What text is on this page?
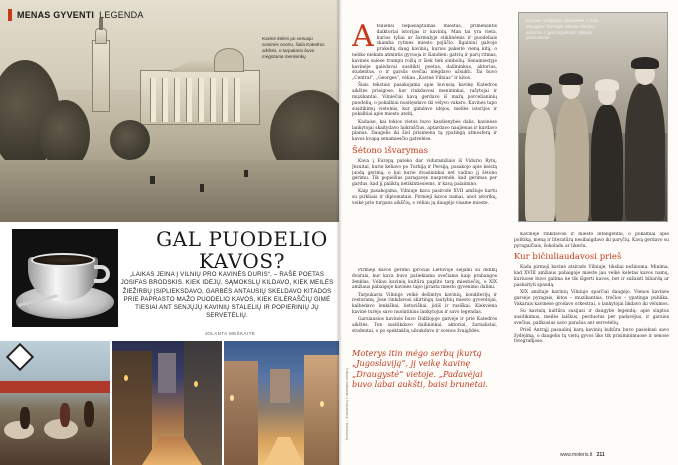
MENAS GYVENTI LEGENDA
Kavinė kėlėsi po senuoju sostinės centru, šalia Katedros aikštės, o tarpukariu buvo mėgstama menininkų
GAL PUODELIO
KAVOS?
„LAIKAS JEINA Į VILNIŲ PRO KAVINĖS DURIS“, – RAŠĖ POETAS JOSIFAS BRODSKIS. KIEK IDĖJŲ, SĄMOKSLŲ KILDAVO, KIEK MEILĖS ŽIEŽIRBŲ ĮSIPLIEKSDAVO, GARBĖS ANTAUSIŲ SKELDAVO KITADOS PRIE PAPRASTO MAŽO PUODELIO KAVOS, KIEK EILĖRAŠČIŲ GIMĖ TIESIAI ANT SENJŲJŲ KAVINIŲ STALELIŲ IR POPIERINIŲ JŲ SERVETĖLIŲ.
JOLANTA MEŠKAITĖ

Atsiliensi nepaslaptamas miestas, primenantis daiktoriai istorijas ir kavinių. Man tai yra vieta, kurios tyliai ar šurmulyje stiklinėmis ir puodeliais skamba rytinės miesto pojūčio. Ilgainiui galvoje prakeltų daug kavinių, kurios pakeitė vieną kitą, o neliko niekam atmintis gyvuoja ir šiandien: gatvių ir parų ritmas, kavinės salėse trumpu rožių ir šiek tiek simbolių. Senamiestyje kavinėje galėdavai susitikti poetus, dailininkus, aktorius, studentus, o ir garsūs svečiai mėgdavo užsukti. Tai buvo „Central“, „Georges“, vėliau „Kavinė Vilnius“ ir kitos.

Šiais tekstais pasakojama apie buvusią kavinę Katedros aikštės prieigose, kur rinkdavosi menininkai, rašytojai ir muzikantai. Vilniečiai kavą gerdavo iš mažų porcelianinių puodelių, o pokalbiai nusitęsdavo iki vėlyvo vakaro. Kavinės tapo susitikimų vietomis, kur gimdavo idėjos, meilės istorijos ir pokalbiai apie miesto ateitį.

Kadaise, kai tokios vietos buvo kasdienybės dalis, kavinėse lankytojai skaitydavo laikraščius, aptardavo naujienas ir kurdavo planus. Daugelis iki šiol prisimena tą ypatingą atmosferą ir kavos kvapą senamiesčio gatvelėse.

Šėtono išvarymas

Kava į Europą pateko dar viduramžiais iš Vidurio Rytų. Jėzuitai, kurie keliavo po Turkiją ir Persiją, pasakojo apie keistą juodą gėrimą, o kai kurie dvasininkai net vadino jį šėtono gėrimu. Tik popiežius paragavęs nusprendė, kad gėrimas per gardus, kad jį paliktų netikintiesiems, ir kavą palaimino.

Kaip pasakojama, Vilniuje kava pasirodė XVII amžiuje kartu su pirkliais ir diplomatais. Pirmieji kavos namai, anot istorikų, veikė prie turgaus aikščių, o vėliau jų daugėjo visame mieste.

Pirmieji kavos gėrimo įpročiai Lietuvoje siejami su didikų dvarais, kur kava buvo patiekiama svečiams kaip prabangos ženklas. Vėliau kavinių kultūra paplito tarp miestiečių, o XIX amžiaus pabaigoje kavinės tapo įprasta miesto gyvenimo dalimi.

Tarpukariu Vilniuje veikė dešimtys kavinių, konditerijų ir restoranų. Jose rinkdavosi skirtingų tautybių miesto gyventojai, kalbėdavo lenkiškai, lietuviškai, jidiš ir rusiškai. Kiekviena kavinė turėjo savo nuolatinius lankytojus ir savo legendas.

Garsiausios kavinės buvo Didžiojoje gatvėje ir prie Katedros aikštės. Ten susitikdavo dailininkai, aktoriai, žurnalistai, studentai, o po spektaklių užsukdavo ir scenos žvaigždės.

Moterys itin mėgo serbų įkurtą „Jugoslaviją“, jį veikę kavinę „Draugystė“ vietoje. „Padavėjai buvo labai aukšti, baisi brunetai.
Kavinės lankytojos „Botanikos ir sodų draugijos" šventėje. Miesto istorijos akimirka ir gyvi tarpukario Vilniaus prisiminimai

Kavinėje rinkdavosi ir miesto inteligentai, o pokalbiai apie politiką, meną ir literatūrą nesibaigdavo iki paryčių. Kavą gerdavo su pyragaičiais, šokoladu ar likeriu.

Kur bičiuliaudavosi prieš

Kada pirmoji kavinė atsirado Vilniuje, tiksliai nežinoma. Minima, kad XVIII amžiaus pabaigoje mieste jau veikė keletas kavos namų, kuriuose buvo galima ne tik išgerti kavos, bet ir sužaisti biliardą ar paskaityti spaudą.

XIX amžiuje kavinių Vilniuje sparčiai daugėjo. Vienos kavinės garsėjo pyragais, kitos – muzikantais, trečios – ypatinga publika. Vakarais kavinėse grodavo orkestrai, o lankytojai likdavo iki vėlumos.

Su kavinių kultūra susijusi ir daugybė legendų: apie slaptus susitikimus, meilės laiškus, perduotus per padavėjus, ir garsius svečius, palikusius savo parašus ant servetėlių.

Prieš Antrąjį pasaulinį karą kavinių kultūra buvo pasiekusi savo žydėjimą, o daugelis tų vietų gyvos liko tik prisiminimuose ir senose fotografijose.

Nuotraukos – iš asmeninių ir muziejaus archyvų
www.moteris.lt 211
